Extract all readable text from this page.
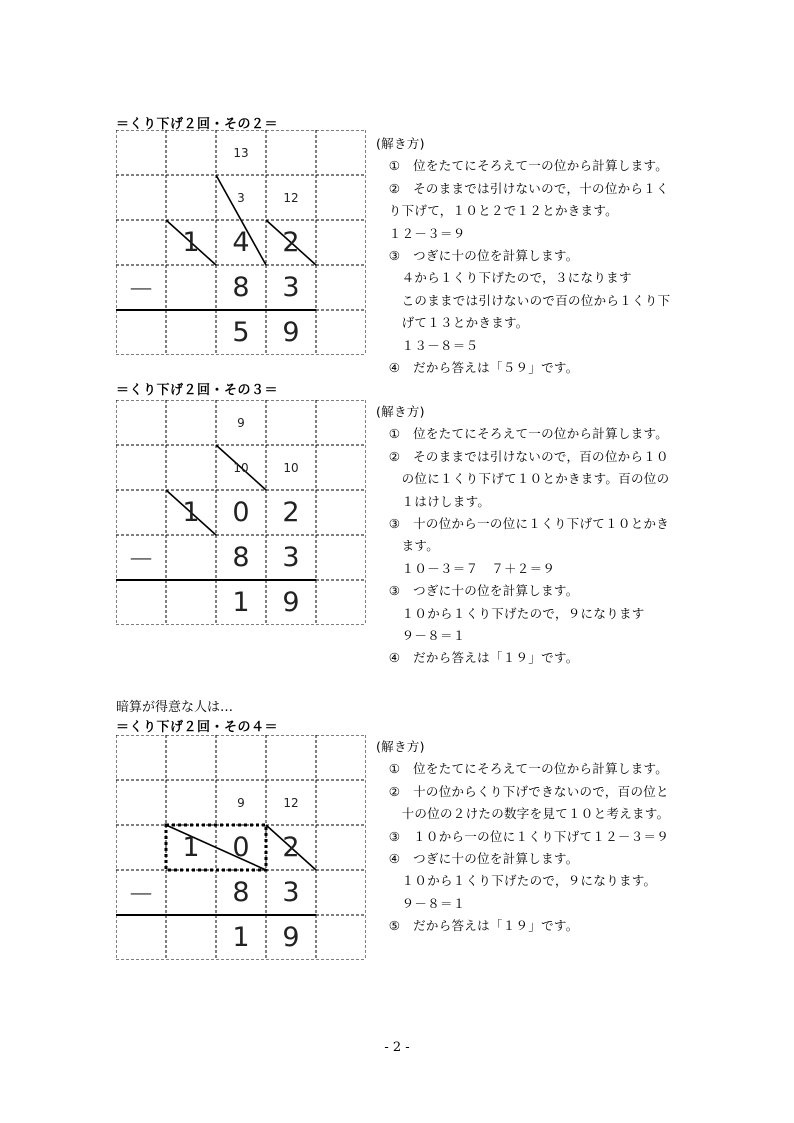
＝くり下げ２回・その２＝
13
3	12
1	4	2
－	8	3
5	9
(解き方)
　①　位をたてにそろえて一の位から計算します。
　②　そのままでは引けないので，十の位から１く
　り下げて，１０と２で１２とかきます。
　１２－３＝９
　③　つぎに十の位を計算します。
　　４から１くり下げたので，３になります
　　このままでは引けないので百の位から１くり下
　　げて１３とかきます。
　　１３－８＝５
　④　だから答えは「５９」です。
＝くり下げ２回・その３＝
9
10	10
1	0	2
－	8	3
1	9
(解き方)
　①　位をたてにそろえて一の位から計算します。
　②　そのままでは引けないので，百の位から１０
　　の位に１くり下げて１０とかきます。百の位の
　　１はけします。
　③　十の位から一の位に１くり下げて１０とかき
　　ます。
　　１０－３＝７　７＋２＝９
　③　つぎに十の位を計算します。
　　１０から１くり下げたので，９になります
　　９－８＝１
　④　だから答えは「１９」です。
暗算が得意な人は…
＝くり下げ２回・その４＝
9	12
1	0	2
－	8	3
1	9
(解き方)
　①　位をたてにそろえて一の位から計算します。
　②　十の位からくり下げできないので，百の位と
　　十の位の２けたの数字を見て１０と考えます。
　③　１０から一の位に１くり下げて１２－３＝９
　④　つぎに十の位を計算します。
　　１０から１くり下げたので，９になります。
　　９－８＝１
　⑤　だから答えは「１９」です。
- 2 -
